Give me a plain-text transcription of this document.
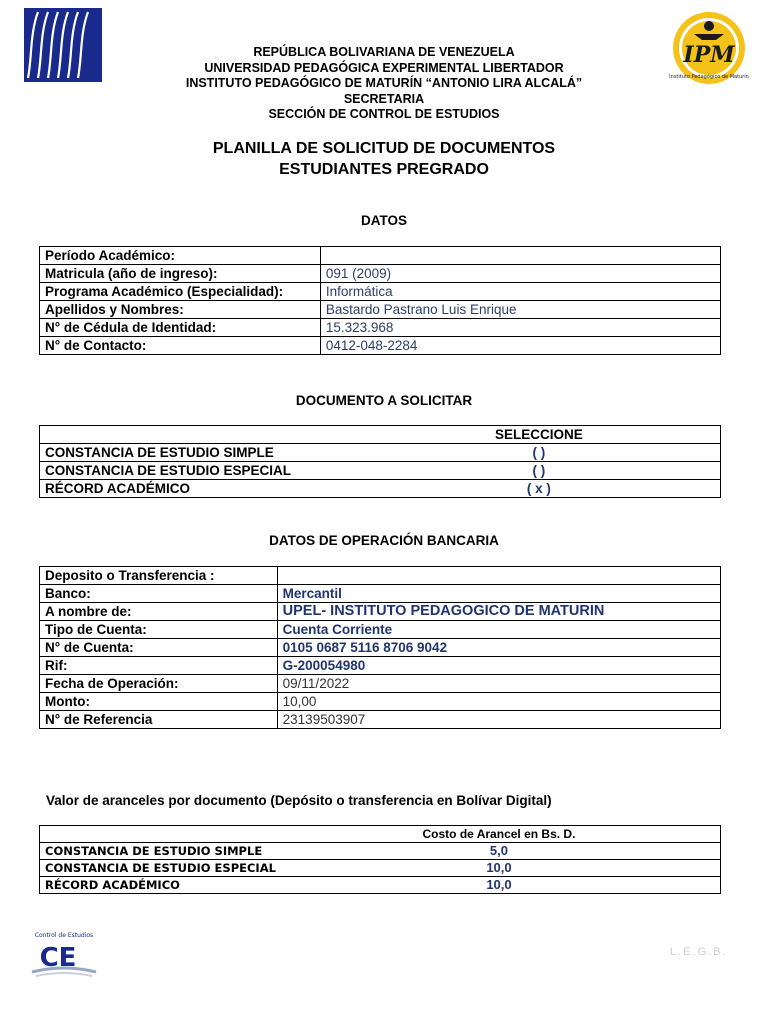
IPM
Instituto Pedagógico de Maturín
REPÚBLICA BOLIVARIANA DE VENEZUELA
UNIVERSIDAD PEDAGÓGICA EXPERIMENTAL LIBERTADOR
INSTITUTO PEDAGÓGICO DE MATURÍN “ANTONIO LIRA ALCALÁ”
SECRETARIA
SECCIÓN DE CONTROL DE ESTUDIOS
PLANILLA DE SOLICITUD DE DOCUMENTOS
ESTUDIANTES PREGRADO
DATOS
Período Académico:	
Matricula (año de ingreso):	091 (2009)
Programa Académico (Especialidad):	Informática
Apellidos y Nombres:	Bastardo Pastrano Luis Enrique
N° de Cédula de Identidad:	15.323.968
N° de Contacto:	0412-048-2284
DOCUMENTO A SOLICITAR
	SELECCIONE	
CONSTANCIA DE ESTUDIO SIMPLE	( )	
CONSTANCIA DE ESTUDIO ESPECIAL	( )	
RÉCORD ACADÉMICO	( x )	
DATOS DE OPERACIÓN BANCARIA
Deposito o Transferencia :	
Banco:	Mercantil
A nombre de:	UPEL- INSTITUTO PEDAGOGICO DE MATURIN
Tipo de Cuenta:	Cuenta Corriente
N° de Cuenta:	0105 0687 5116 8706 9042
Rif:	G-200054980
Fecha de Operación:	09/11/2022
Monto:	10,00
N° de Referencia	23139503907
Valor de aranceles por documento (Depósito o transferencia en Bolívar Digital)
	Costo de Arancel en Bs. D.	
CONSTANCIA DE ESTUDIO SIMPLE	5,0	
CONSTANCIA DE ESTUDIO ESPECIAL	10,0	
RÉCORD ACADÉMICO	10,0	
Control de Estudios
CE	L.E.G.B.
